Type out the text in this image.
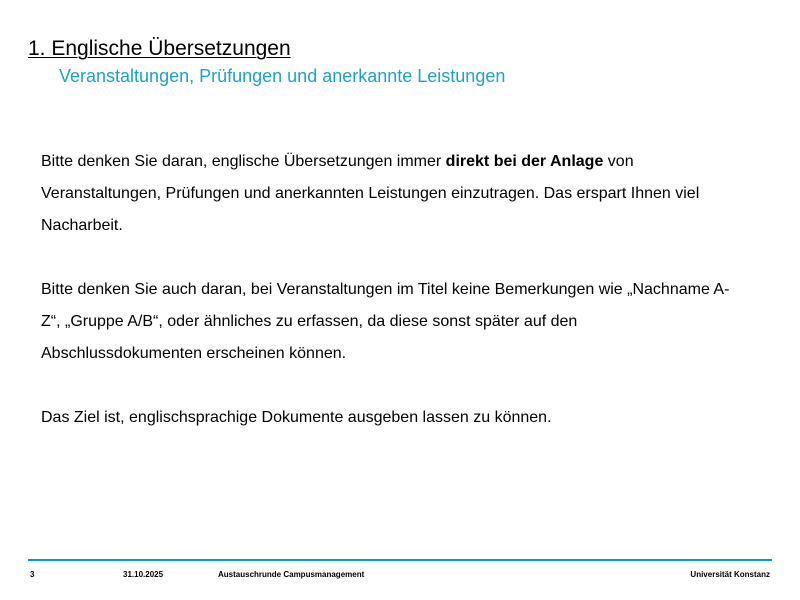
1. Englische Übersetzungen
Veranstaltungen, Prüfungen und anerkannte Leistungen

Bitte denken Sie daran, englische Übersetzungen immer direkt bei der Anlage von Veranstaltungen, Prüfungen und anerkannten Leistungen einzutragen. Das erspart Ihnen viel Nacharbeit.

Bitte denken Sie auch daran, bei Veranstaltungen im Titel keine Bemerkungen wie „Nachname A-Z“, „Gruppe A/B“, oder ähnliches zu erfassen, da diese sonst später auf den Abschlussdokumenten erscheinen können.

Das Ziel ist, englischsprachige Dokumente ausgeben lassen zu können.

3	31.10.2025	Austauschrunde Campusmanagement	Universität Konstanz
